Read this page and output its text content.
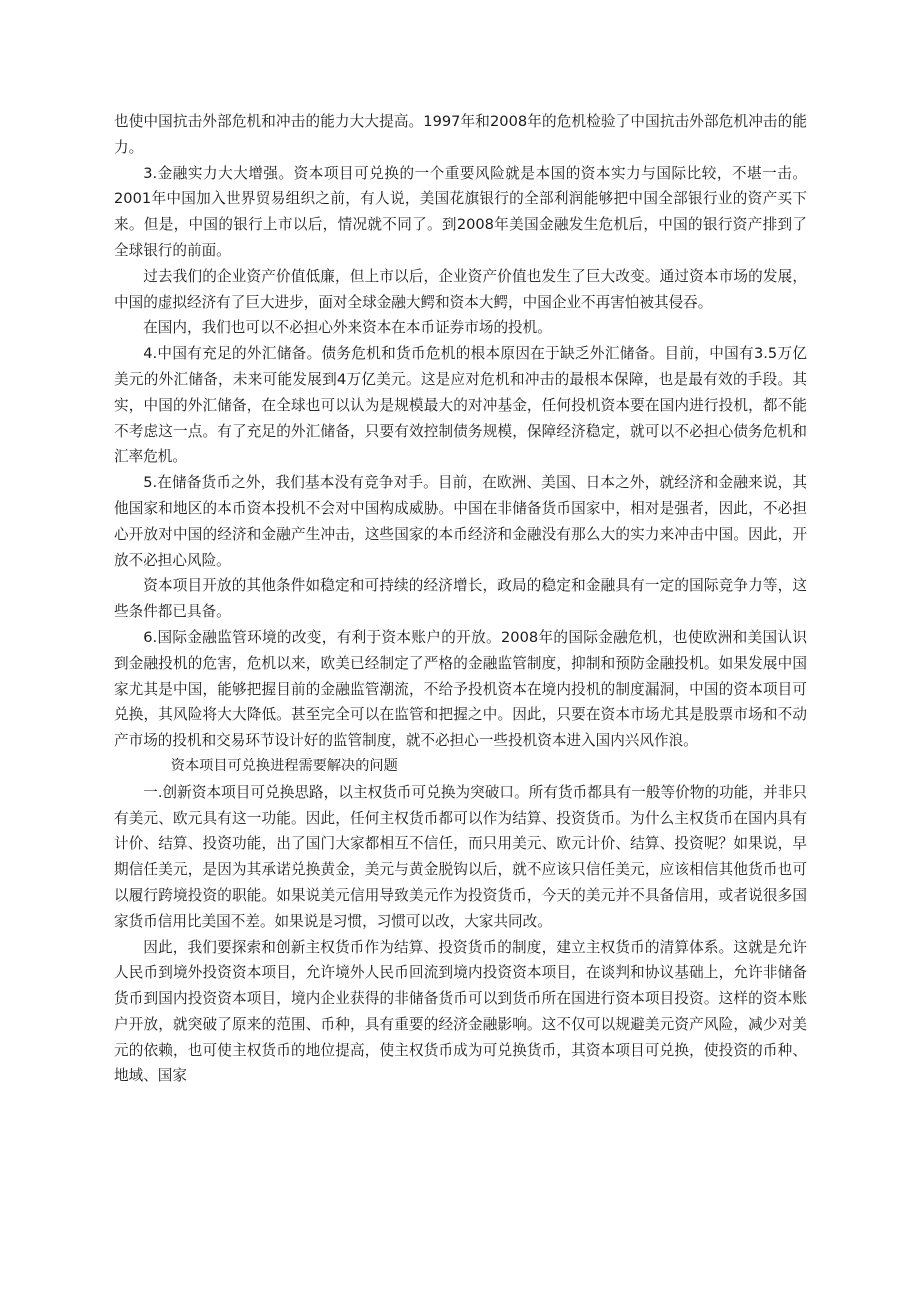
也使中国抗击外部危机和冲击的能力大大提高。1997年和2008年的危机检验了中国抗击外部危机冲击的能力。

3.金融实力大大增强。资本项目可兑换的一个重要风险就是本国的资本实力与国际比较，不堪一击。2001年中国加入世界贸易组织之前，有人说，美国花旗银行的全部利润能够把中国全部银行业的资产买下来。但是，中国的银行上市以后，情况就不同了。到2008年美国金融发生危机后，中国的银行资产排到了全球银行的前面。

过去我们的企业资产价值低廉，但上市以后，企业资产价值也发生了巨大改变。通过资本市场的发展，中国的虚拟经济有了巨大进步，面对全球金融大鳄和资本大鳄，中国企业不再害怕被其侵吞。

在国内，我们也可以不必担心外来资本在本币证券市场的投机。

4.中国有充足的外汇储备。债务危机和货币危机的根本原因在于缺乏外汇储备。目前，中国有3.5万亿美元的外汇储备，未来可能发展到4万亿美元。这是应对危机和冲击的最根本保障，也是最有效的手段。其实，中国的外汇储备，在全球也可以认为是规模最大的对冲基金，任何投机资本要在国内进行投机，都不能不考虑这一点。有了充足的外汇储备，只要有效控制债务规模，保障经济稳定，就可以不必担心债务危机和汇率危机。

5.在储备货币之外，我们基本没有竞争对手。目前，在欧洲、美国、日本之外，就经济和金融来说，其他国家和地区的本币资本投机不会对中国构成威胁。中国在非储备货币国家中，相对是强者，因此，不必担心开放对中国的经济和金融产生冲击，这些国家的本币经济和金融没有那么大的实力来冲击中国。因此，开放不必担心风险。

资本项目开放的其他条件如稳定和可持续的经济增长，政局的稳定和金融具有一定的国际竞争力等，这些条件都已具备。

6.国际金融监管环境的改变，有利于资本账户的开放。2008年的国际金融危机，也使欧洲和美国认识到金融投机的危害，危机以来，欧美已经制定了严格的金融监管制度，抑制和预防金融投机。如果发展中国家尤其是中国，能够把握目前的金融监管潮流，不给予投机资本在境内投机的制度漏洞，中国的资本项目可兑换，其风险将大大降低。甚至完全可以在监管和把握之中。因此，只要在资本市场尤其是股票市场和不动产市场的投机和交易环节设计好的监管制度，就不必担心一些投机资本进入国内兴风作浪。

资本项目可兑换进程需要解决的问题

一.创新资本项目可兑换思路，以主权货币可兑换为突破口。所有货币都具有一般等价物的功能，并非只有美元、欧元具有这一功能。因此，任何主权货币都可以作为结算、投资货币。为什么主权货币在国内具有计价、结算、投资功能，出了国门大家都相互不信任，而只用美元、欧元计价、结算、投资呢？如果说，早期信任美元，是因为其承诺兑换黄金，美元与黄金脱钩以后，就不应该只信任美元，应该相信其他货币也可以履行跨境投资的职能。如果说美元信用导致美元作为投资货币，今天的美元并不具备信用，或者说很多国家货币信用比美国不差。如果说是习惯，习惯可以改，大家共同改。

因此，我们要探索和创新主权货币作为结算、投资货币的制度，建立主权货币的清算体系。这就是允许人民币到境外投资资本项目，允许境外人民币回流到境内投资资本项目，在谈判和协议基础上，允许非储备货币到国内投资资本项目，境内企业获得的非储备货币可以到货币所在国进行资本项目投资。这样的资本账户开放，就突破了原来的范围、币种，具有重要的经济金融影响。这不仅可以规避美元资产风险，减少对美元的依赖，也可使主权货币的地位提高，使主权货币成为可兑换货币，其资本项目可兑换，使投资的币种、地域、国家
